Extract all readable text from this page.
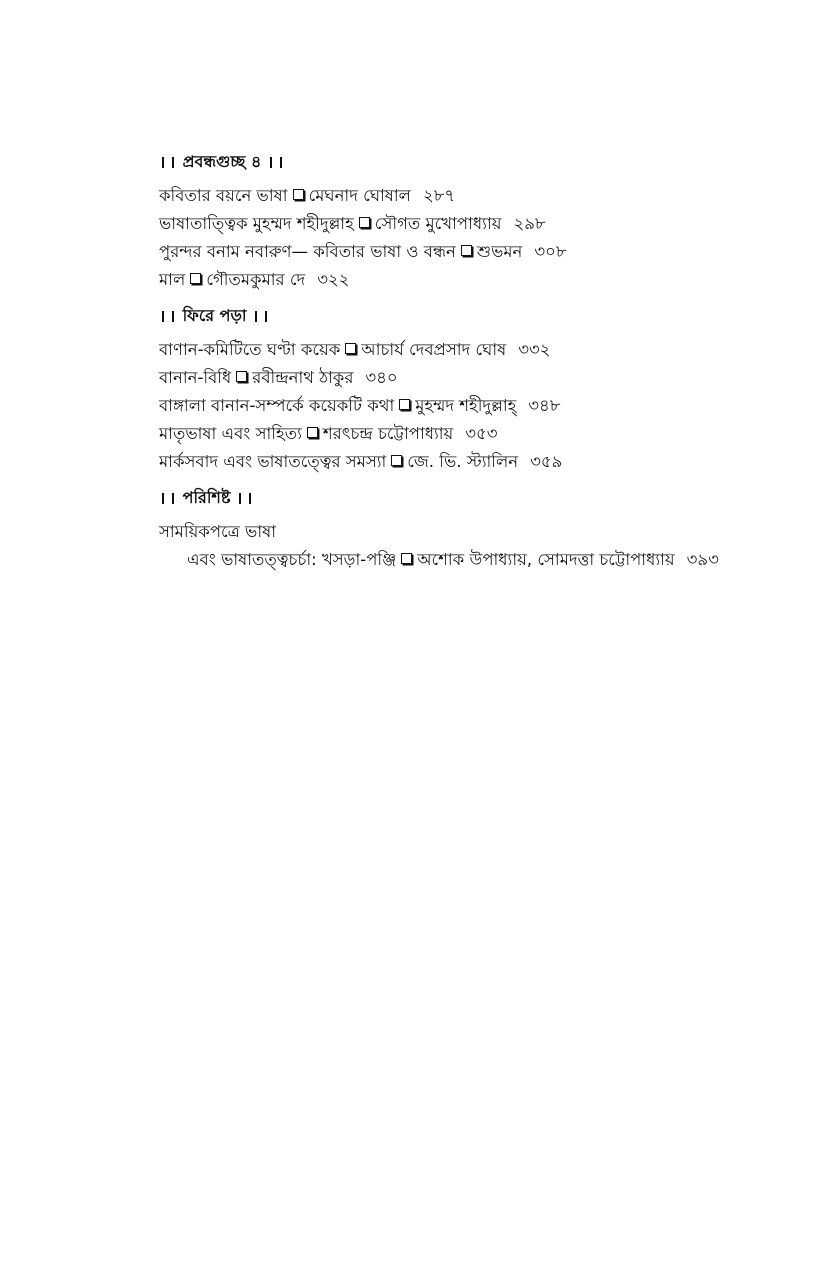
প্রবন্ধগুচ্ছ ৪
কবিতার বয়নে ভাষা মেঘনাদ ঘোষাল ২৮৭
ভাষাতাত্ত্বিক মুহম্মদ শহীদুল্লাহ সৌগত মুখোপাধ্যায় ২৯৮
পুরন্দর বনাম নবারুণ— কবিতার ভাষা ও বন্ধন শুভমন ৩০৮
মাল গৌতমকুমার দে ৩২২
ফিরে পড়া
বাণান-কমিটিতে ঘণ্টা কয়েক আচার্য দেবপ্রসাদ ঘোষ ৩৩২
বানান-বিধি রবীন্দ্রনাথ ঠাকুর ৩৪০
বাঙ্গালা বানান-সম্পর্কে কয়েকটি কথা মুহম্মদ শহীদুল্লাহ্ ৩৪৮
মাতৃভাষা এবং সাহিত্য শরৎচন্দ্র চট্টোপাধ্যায় ৩৫৩
মার্কসবাদ এবং ভাষাতত্ত্বের সমস্যা জে. ভি. স্ট্যালিন ৩৫৯
পরিশিষ্ট
সাময়িকপত্রে ভাষা
এবং ভাষাতত্ত্বচর্চা: খসড়া-পঞ্জি অশোক উপাধ্যায়, সোমদত্তা চট্টোপাধ্যায় ৩৯৩
